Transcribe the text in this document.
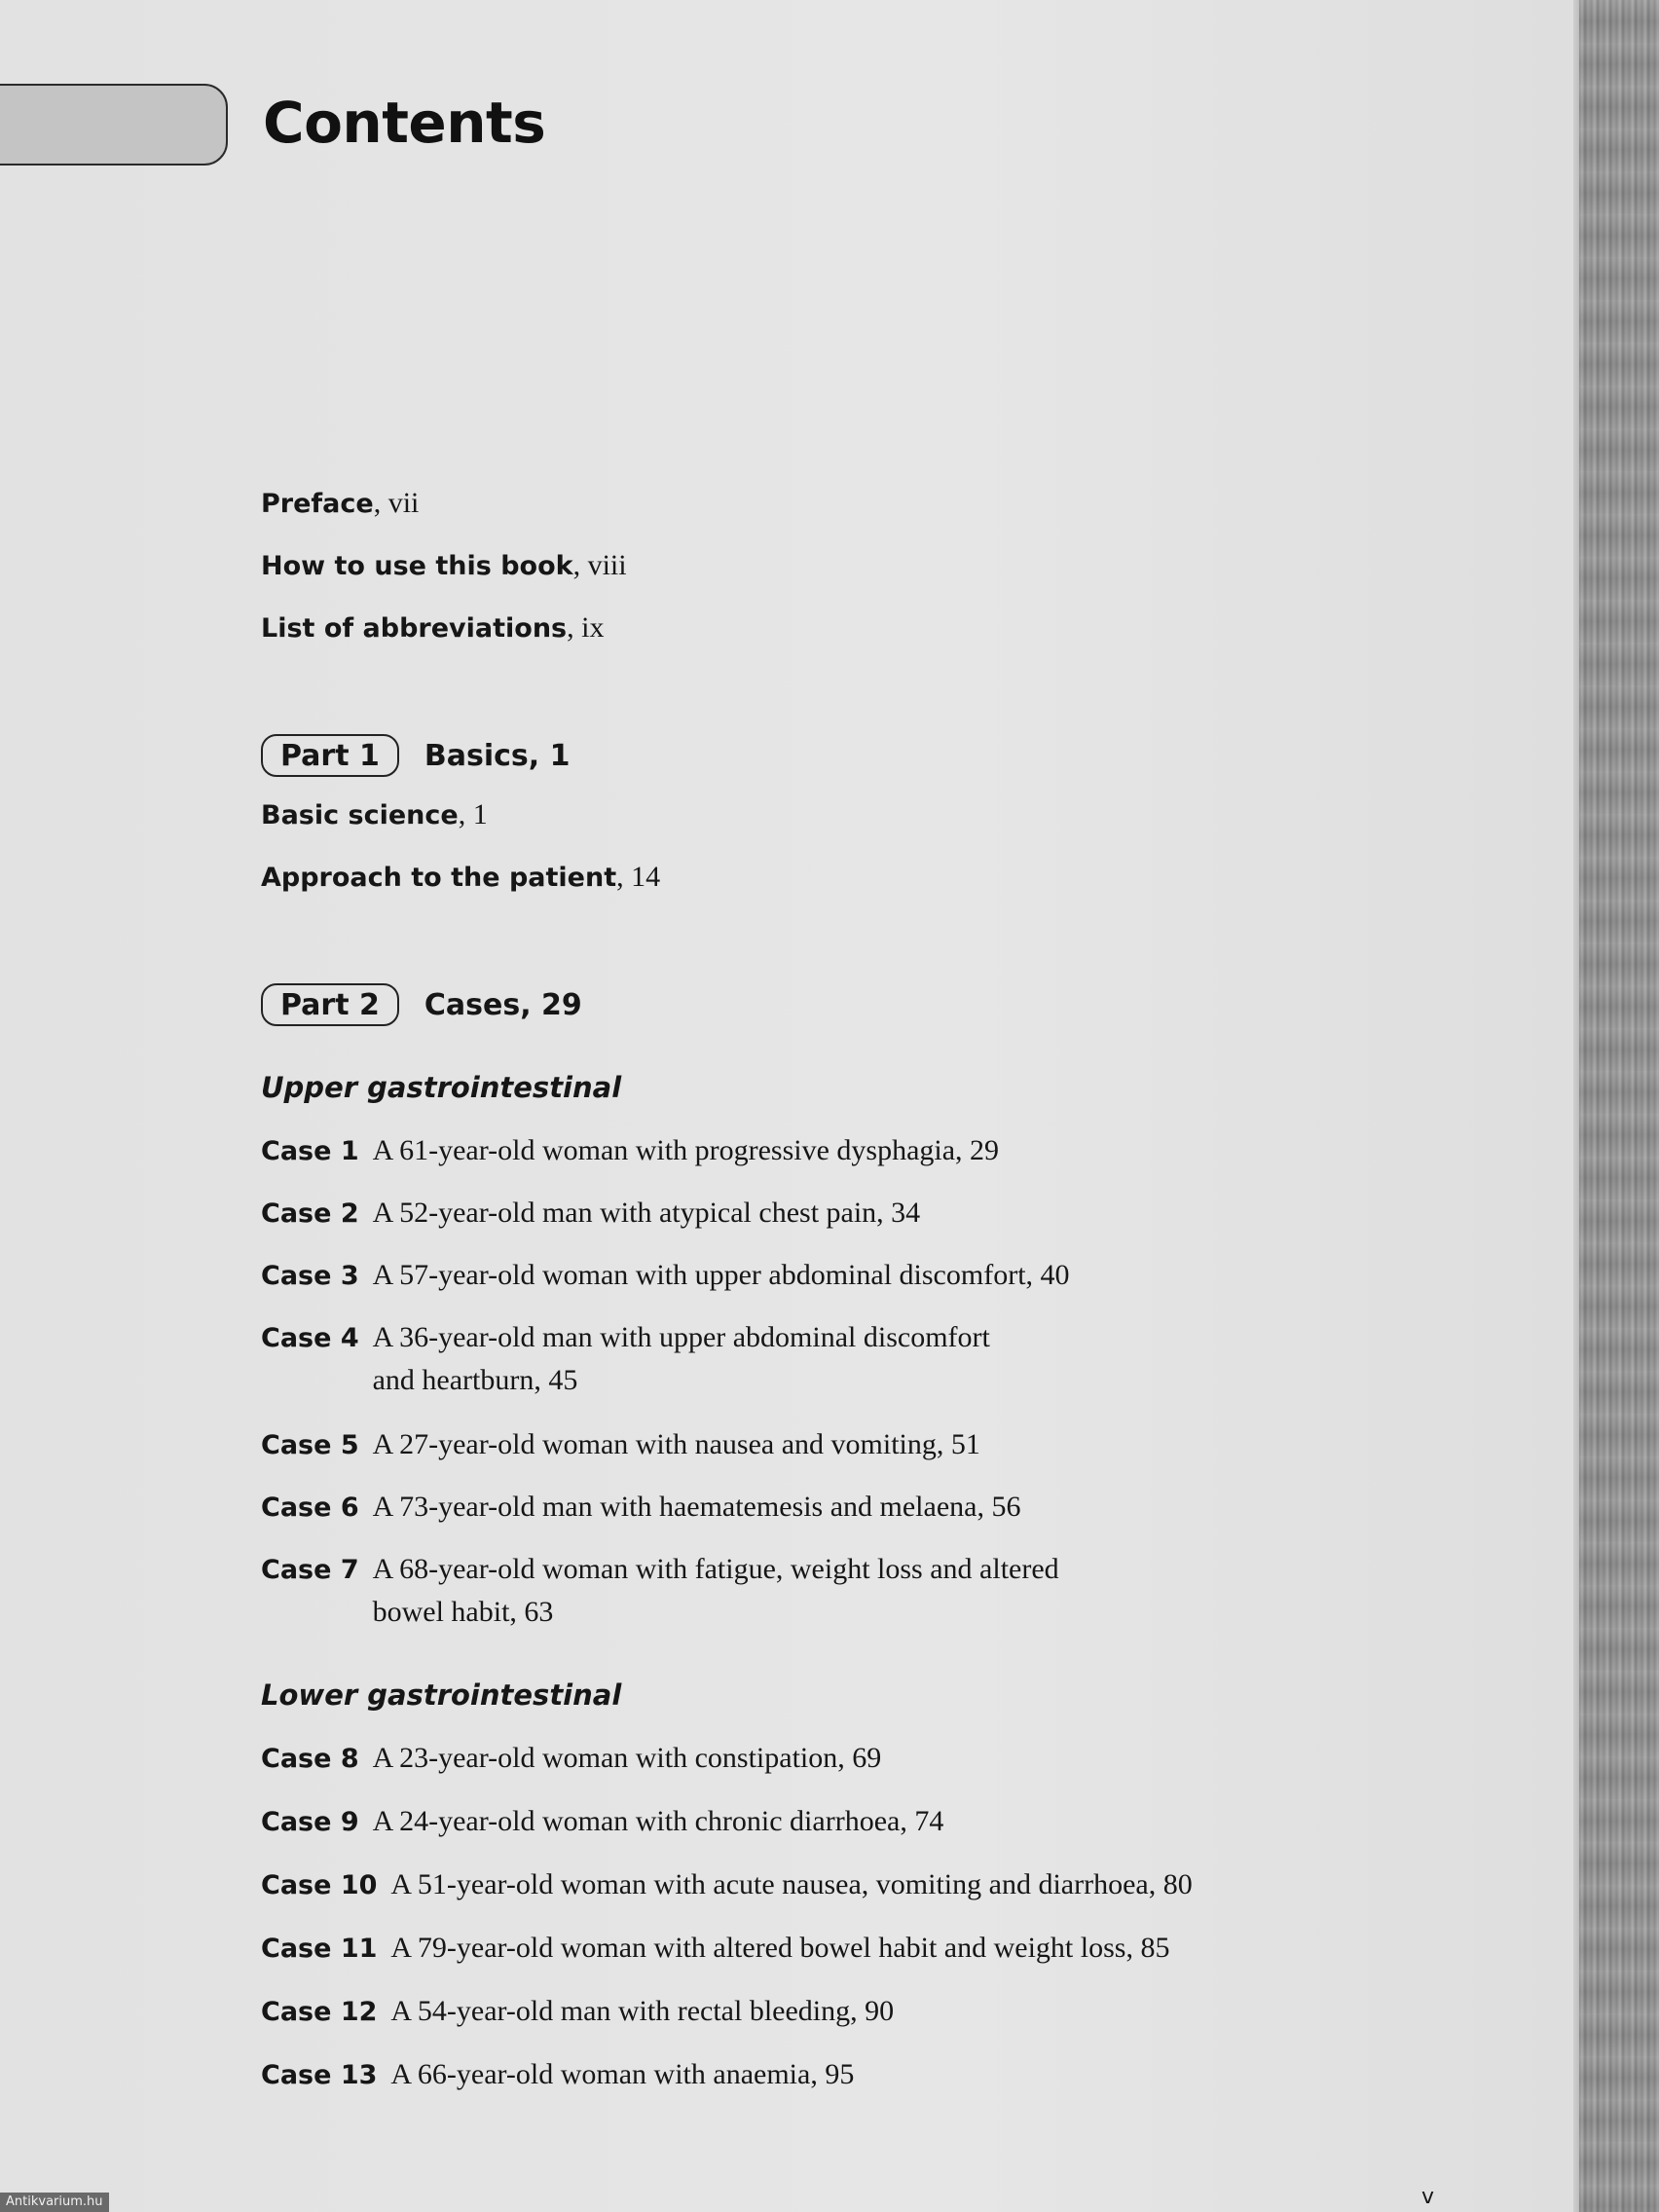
Contents
Preface, vii
How to use this book, viii
List of abbreviations, ix
Part 1	Basics, 1
Basic science, 1
Approach to the patient, 14
Part 2	Cases, 29
Upper gastrointestinal
Case 1 A 61-year-old woman with progressive dysphagia, 29
Case 2 A 52-year-old man with atypical chest pain, 34
Case 3 A 57-year-old woman with upper abdominal discomfort, 40
Case 4 A 36-year-old man with upper abdominal discomfort
and heartburn, 45
Case 5 A 27-year-old woman with nausea and vomiting, 51
Case 6 A 73-year-old man with haematemesis and melaena, 56
Case 7 A 68-year-old woman with fatigue, weight loss and altered
bowel habit, 63
Lower gastrointestinal
Case 8 A 23-year-old woman with constipation, 69
Case 9 A 24-year-old woman with chronic diarrhoea, 74
Case 10 A 51-year-old woman with acute nausea, vomiting and diarrhoea, 80
Case 11 A 79-year-old woman with altered bowel habit and weight loss, 85
Case 12 A 54-year-old man with rectal bleeding, 90
Case 13 A 66-year-old woman with anaemia, 95
v
Antikvarium.hu
